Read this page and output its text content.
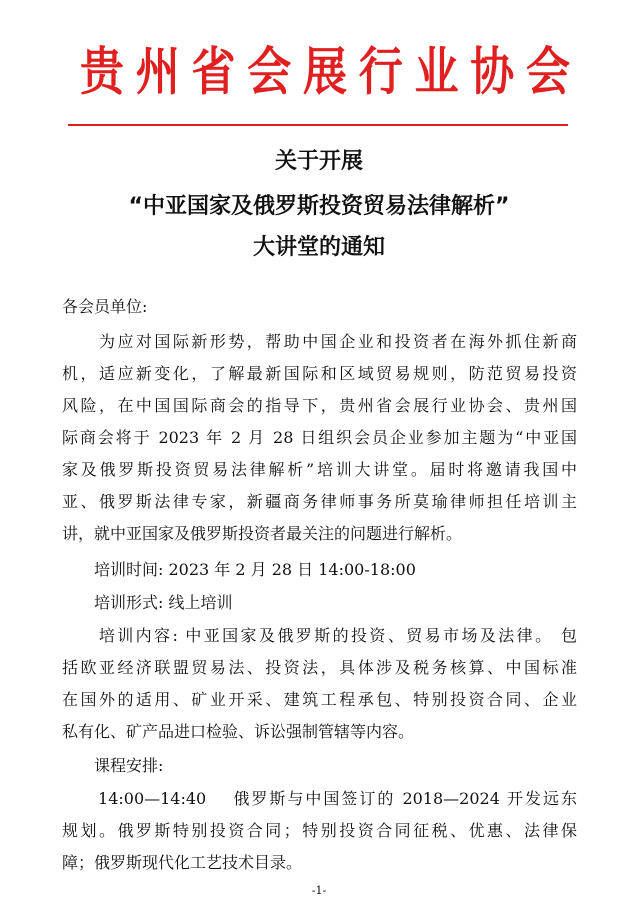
贵 州 省 会 展 行 业 协 会
关于开展
“中亚国家及俄罗斯投资贸易法律解析”
大讲堂的通知
各会员单位:
　　为应对国际新形势，帮助中国企业和投资者在海外抓住新商
机，适应新变化，了解最新国际和区域贸易规则，防范贸易投资
风险，在中国国际商会的指导下，贵州省会展行业协会、贵州国
际商会将于 2023 年 2 月 28 日组织会员企业参加主题为“中亚国
家及俄罗斯投资贸易法律解析”培训大讲堂。届时将邀请我国中
亚、俄罗斯法律专家，新疆商务律师事务所莫瑜律师担任培训主
讲，就中亚国家及俄罗斯投资者最关注的问题进行解析。
　　培训时间: 2023 年 2 月 28 日 14:00-18:00
　　培训形式: 线上培训
　　培训内容: 中亚国家及俄罗斯的投资、贸易市场及法律。 包
括欧亚经济联盟贸易法、投资法，具体涉及税务核算、中国标准
在国外的适用、矿业开采、建筑工程承包、特别投资合同、企业
私有化、矿产品进口检验、诉讼强制管辖等内容。
　　课程安排:
　　14:00—14:40　 俄罗斯与中国签订的 2018—2024 开发远东
规划。俄罗斯特别投资合同；特别投资合同征税、优惠、法律保
障；俄罗斯现代化工艺技术目录。
-1-
